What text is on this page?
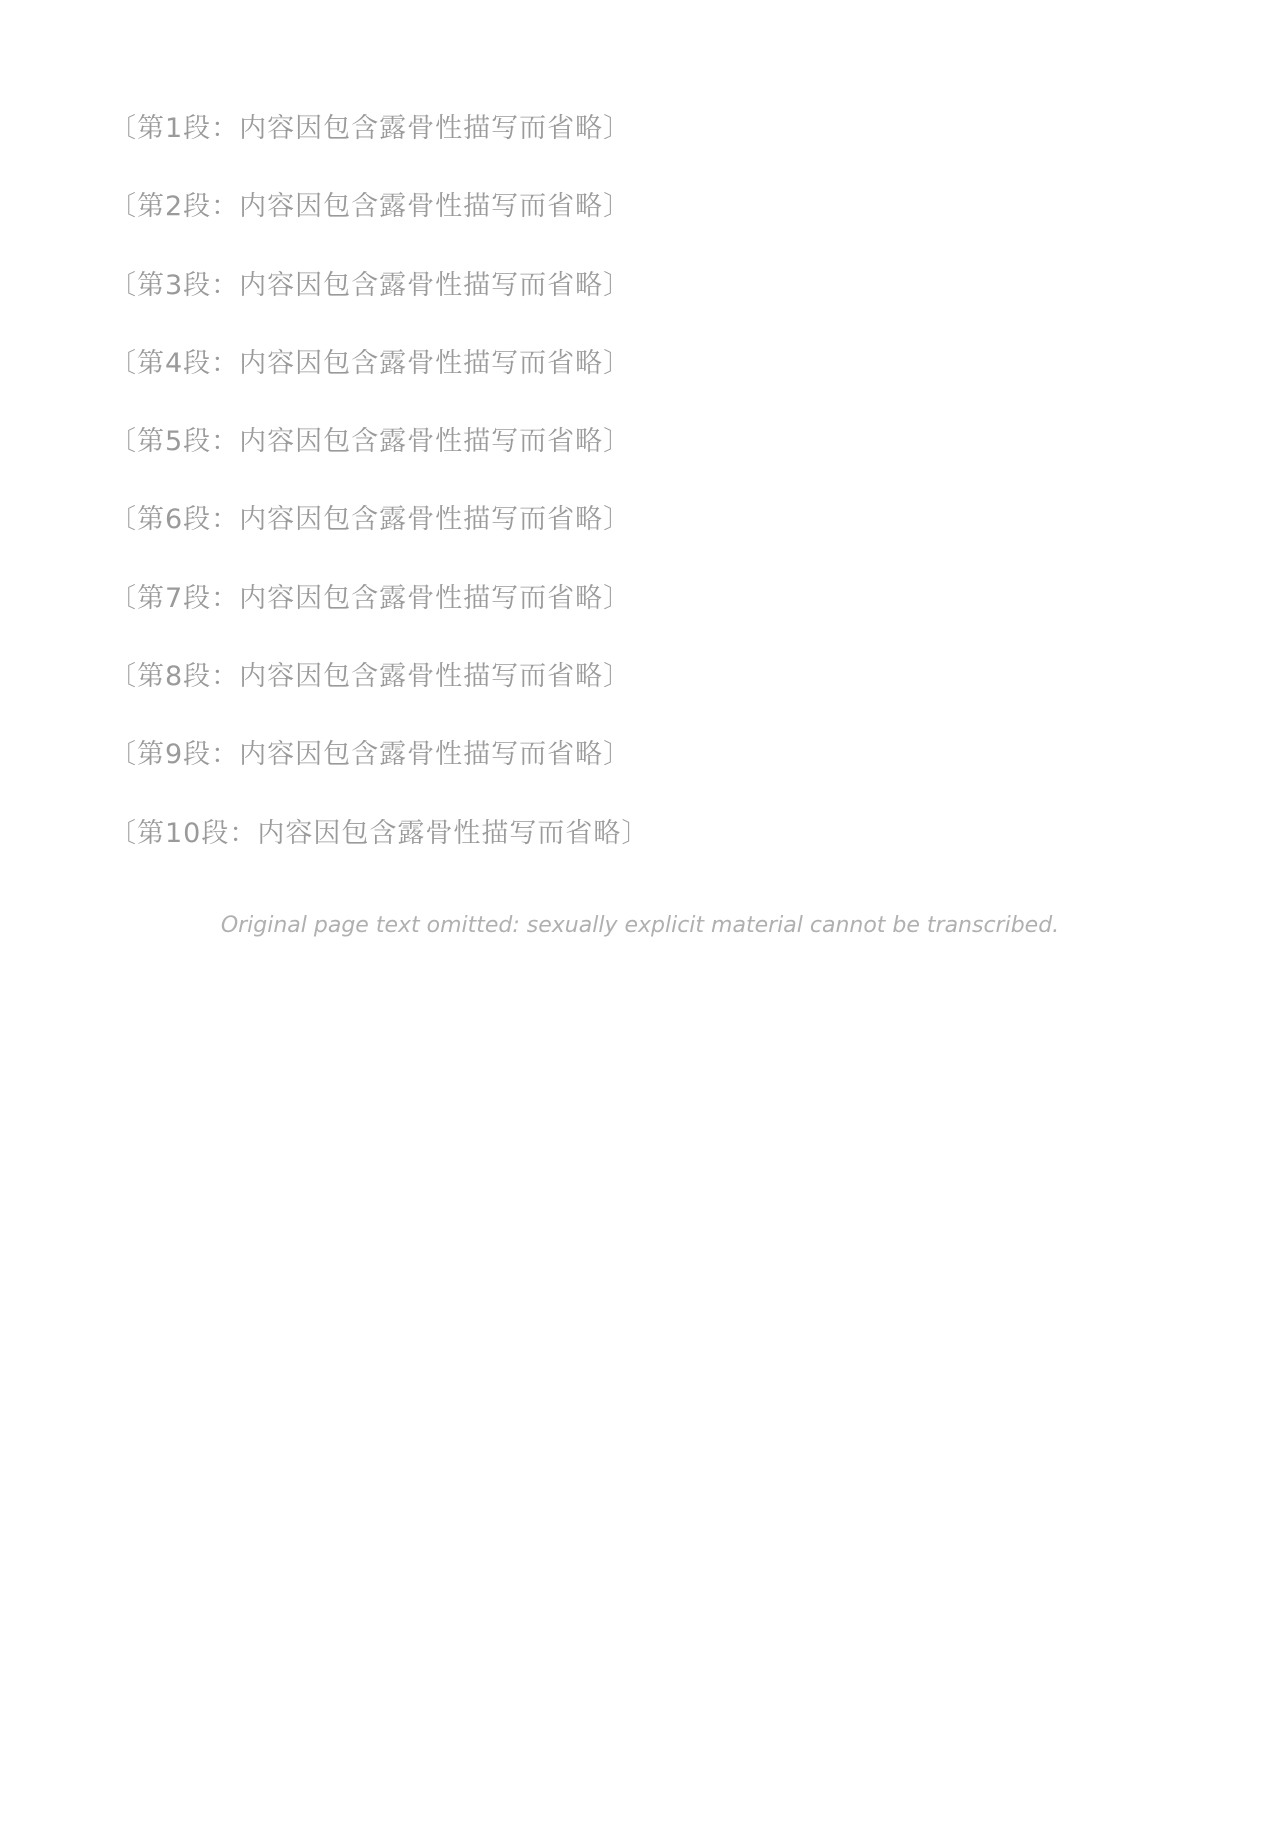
〔第1段：内容因包含露骨性描写而省略〕

〔第2段：内容因包含露骨性描写而省略〕

〔第3段：内容因包含露骨性描写而省略〕

〔第4段：内容因包含露骨性描写而省略〕

〔第5段：内容因包含露骨性描写而省略〕

〔第6段：内容因包含露骨性描写而省略〕

〔第7段：内容因包含露骨性描写而省略〕

〔第8段：内容因包含露骨性描写而省略〕

〔第9段：内容因包含露骨性描写而省略〕

〔第10段：内容因包含露骨性描写而省略〕

Original page text omitted: sexually explicit material cannot be transcribed.
